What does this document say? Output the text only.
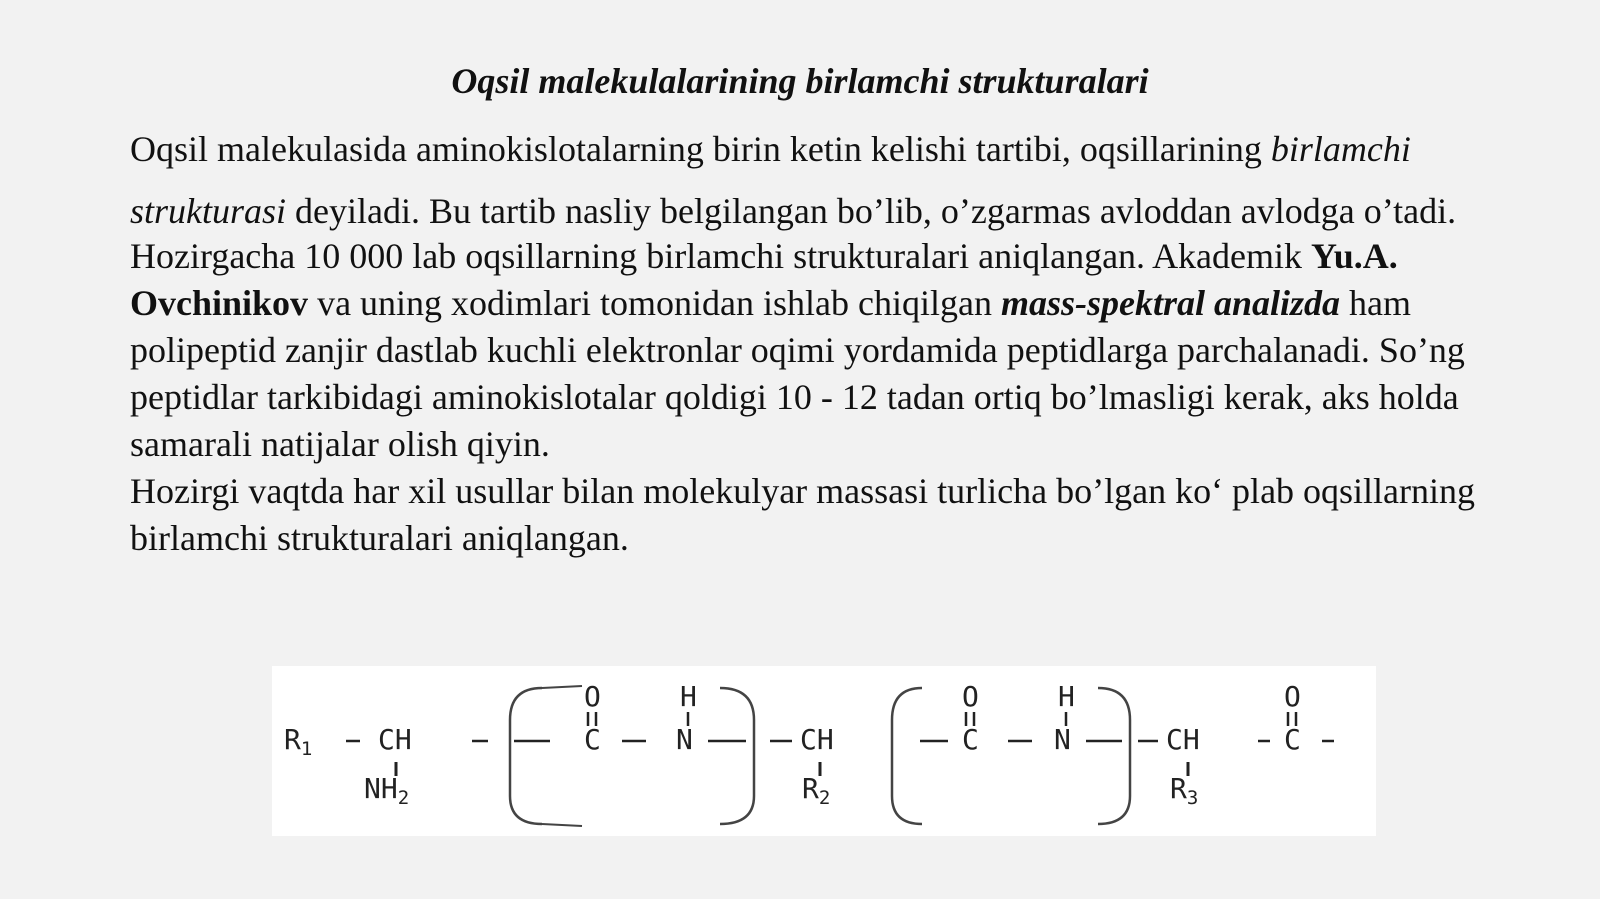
Oqsil malekulalarining birlamchi strukturalari

Oqsil malekulasida aminokislotalarning birin ketin kelishi tartibi, oqsillarining birlamchi strukturasi deyiladi. Bu tartib nasliy belgilangan bo’lib, o’zgarmas avloddan avlodga o’tadi.

Hozirgacha 10 000 lab oqsillarning birlamchi strukturalari aniqlangan. Akademik Yu.A. Ovchinikov va uning xodimlari tomonidan ishlab chiqilgan mass-spektral analizda ham polipeptid zanjir dastlab kuchli elektronlar oqimi yordamida peptidlarga parchalanadi. So’ng peptidlar tarkibidagi aminokislotalar qoldigi 10 - 12 tadan ortiq bo’lmasligi kerak, aks holda samarali natijalar olish qiyin.

Hozirgi vaqtda har xil usullar bilan molekulyar massasi turlicha bo’lgan ko‘ plab oqsillarning birlamchi strukturalari aniqlangan.

$R_1$ CH
$NH_2$
O
C
H
N	CH
$R_2$
O
C
H
N	CH
$R_3$
O
C
